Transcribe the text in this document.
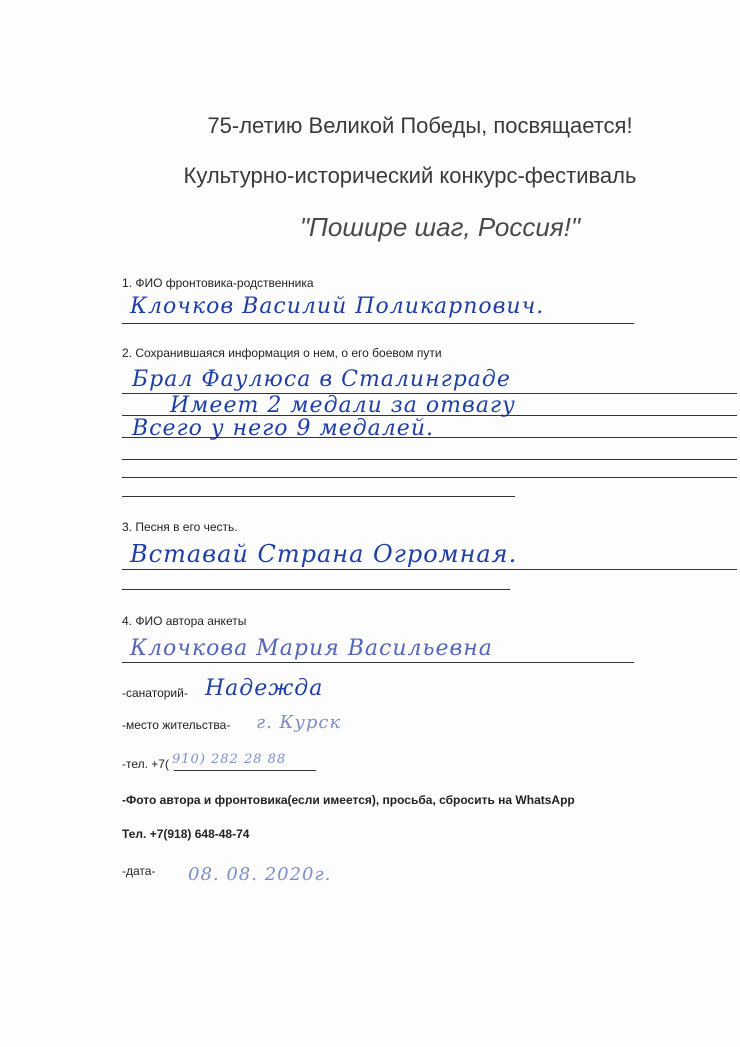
75-летию Великой Победы, посвящается!
Культурно-исторический конкурс-фестиваль
"Пошире шаг, Россия!"
1. ФИО фронтовика-родственника
Клочков Василий Поликарпович.
2. Сохранившаяся информация о нем, о его боевом пути
Брал Фаулюса в Сталинграде
Имеет 2 медали за отвагу
Всего у него 9 медалей.
3. Песня в его честь.
Вставай Страна Огромная.
4. ФИО автора анкеты
Клочкова Мария Васильевна
-санаторий- Надежда
-место жительства- г. Курск
-тел. +7( 910) 282 28 88
-Фото автора и фронтовика(если имеется), просьба, сбросить на WhatsApp
Тел. +7(918) 648-48-74
-дата- 08. 08. 2020г.
